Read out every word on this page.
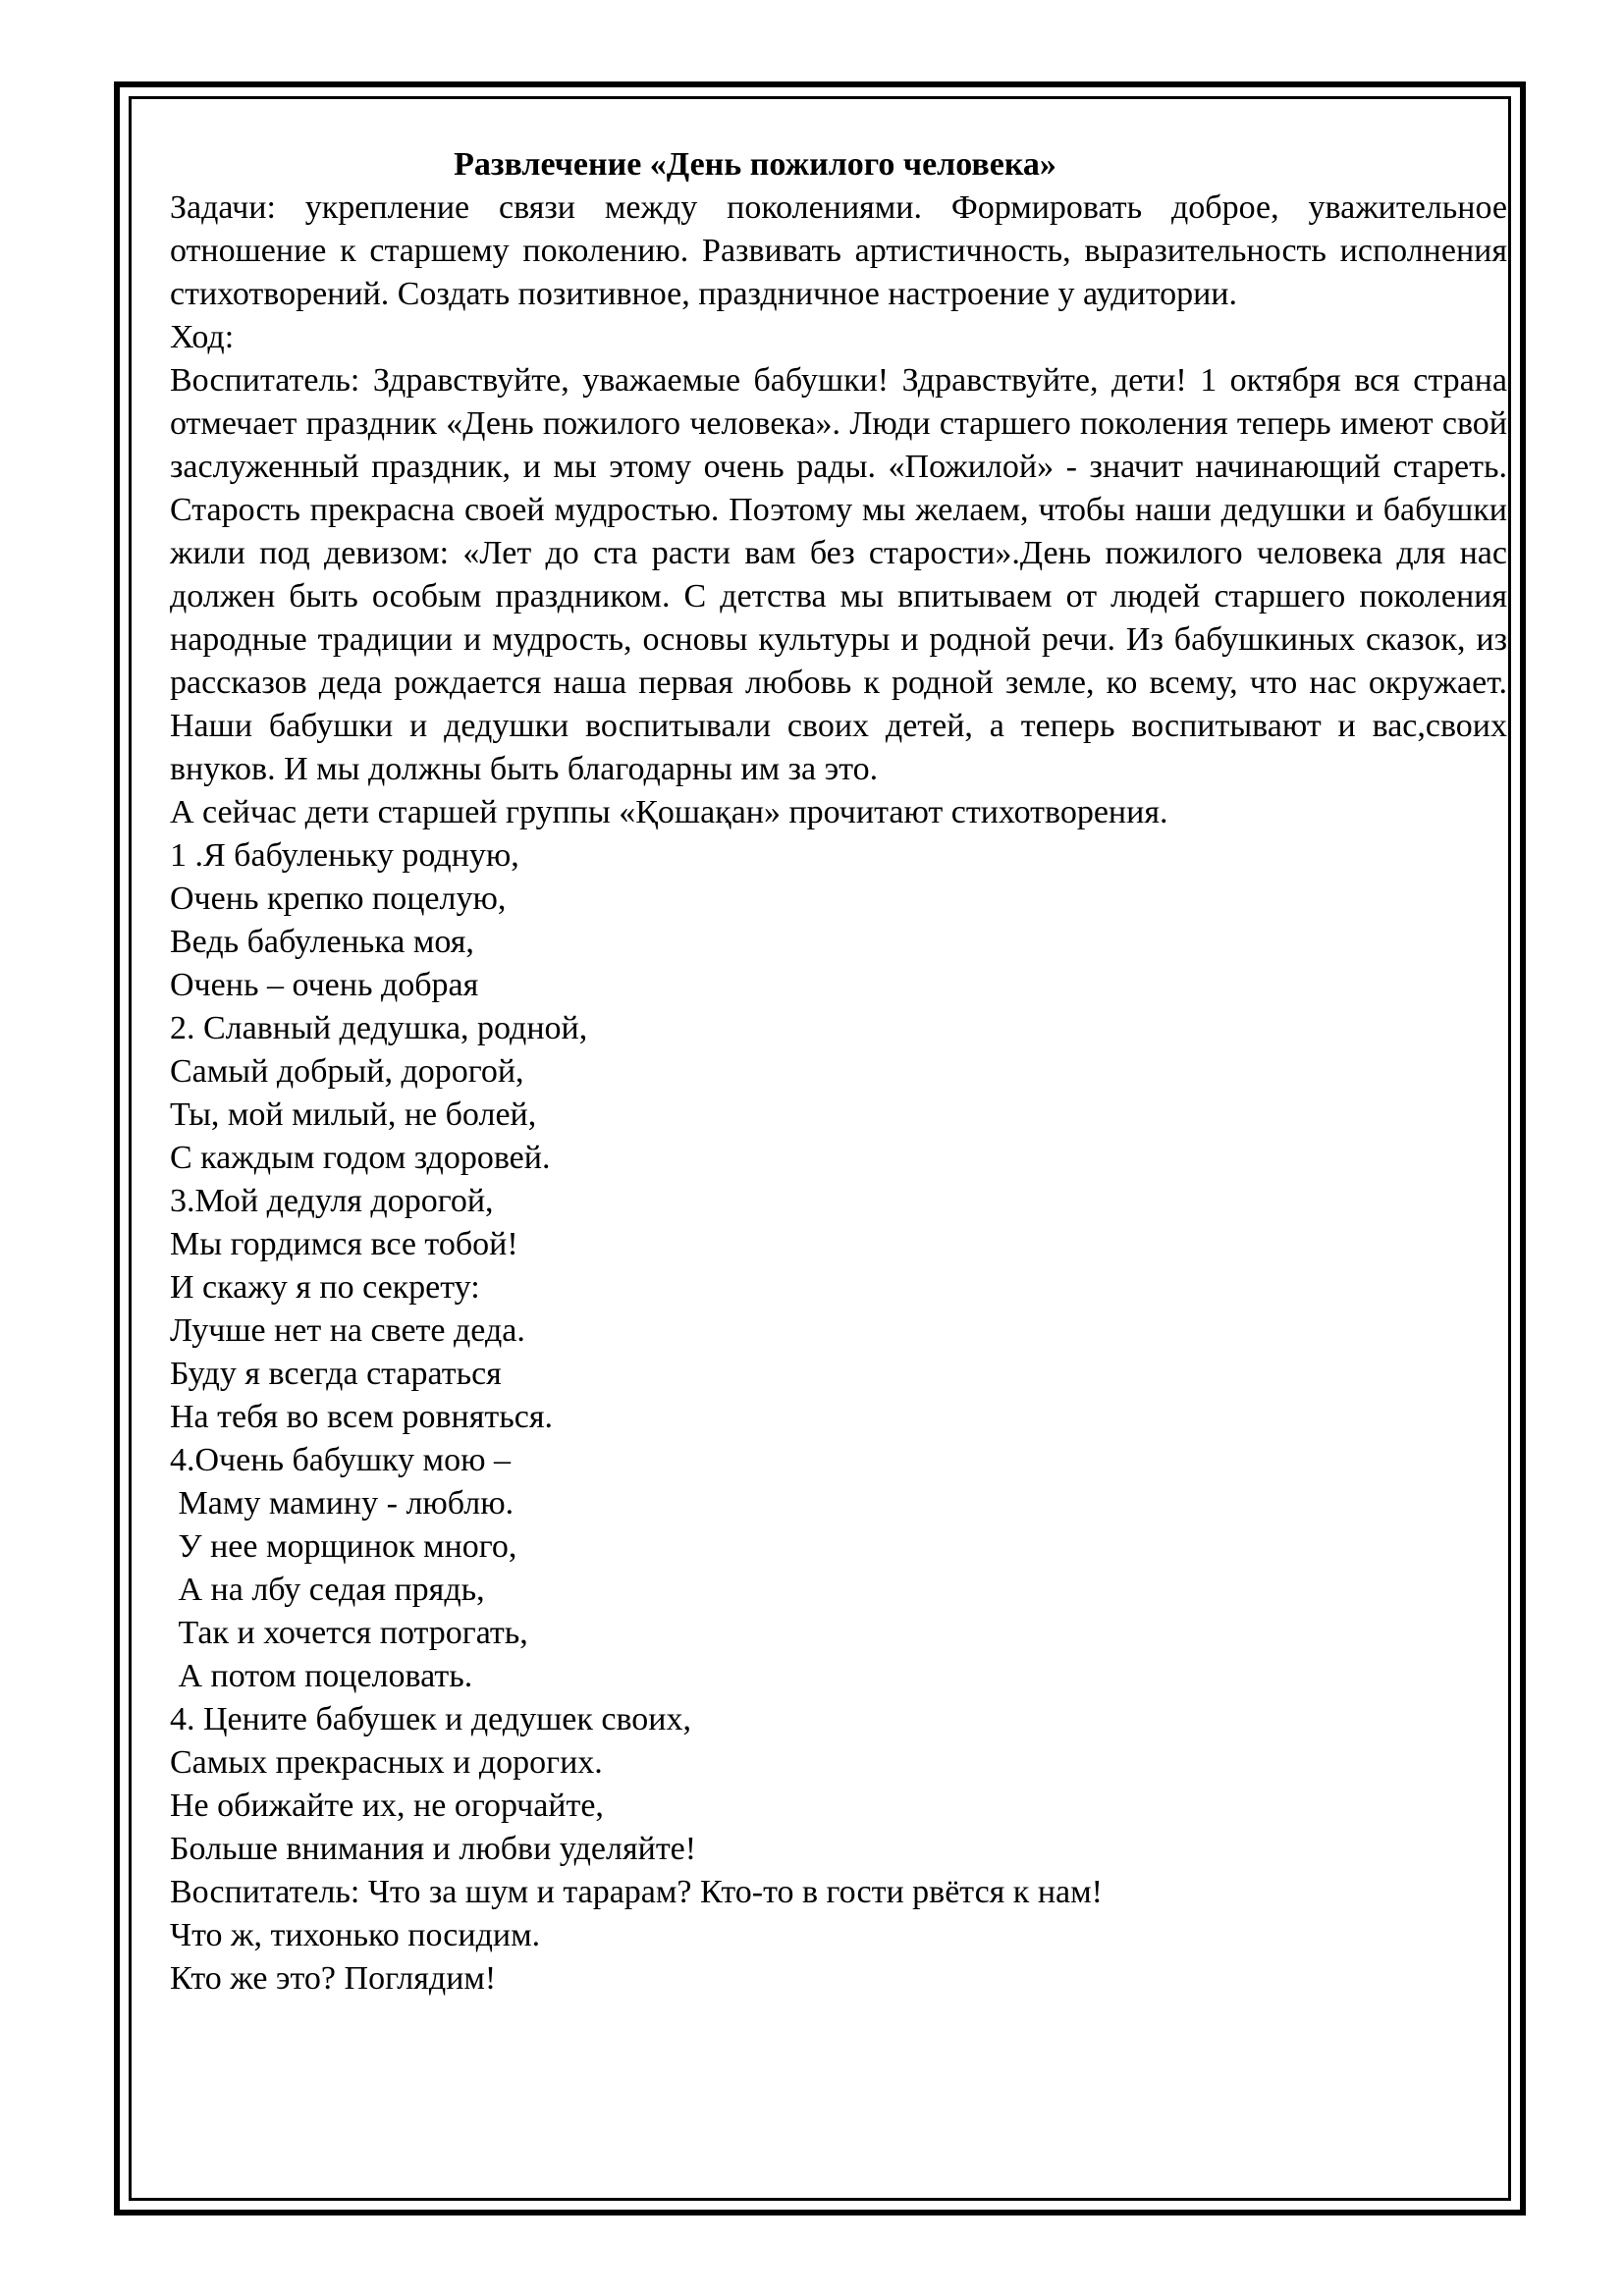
Развлечение «День пожилого человека»
Задачи: укрепление связи между поколениями. Формировать доброе, уважительное отношение к старшему поколению. Развивать артистичность, выразительность исполнения стихотворений. Создать позитивное, праздничное настроение у аудитории.
Ход:
Воспитатель: Здравствуйте, уважаемые бабушки! Здравствуйте, дети! 1 октября вся страна отмечает праздник «День пожилого человека». Люди старшего поколения теперь имеют свой заслуженный праздник, и мы этому очень рады. «Пожилой» - значит начинающий стареть. Старость прекрасна своей мудростью. Поэтому мы желаем, чтобы наши дедушки и бабушки жили под девизом: «Лет до ста расти вам без старости».День пожилого человека для нас должен быть особым праздником. С детства мы впитываем от людей старшего поколения народные традиции и мудрость, основы культуры и родной речи. Из бабушкиных сказок, из рассказов деда рождается наша первая любовь к родной земле, ко всему, что нас окружает. Наши бабушки и дедушки воспитывали своих детей, а теперь воспитывают и вас,своих внуков. И мы должны быть благодарны им за это.
А сейчас дети старшей группы «Қошақан» прочитают стихотворения.
1 .Я бабуленьку родную,
Очень крепко поцелую,
Ведь бабуленька моя,
Очень – очень добрая
2. Славный дедушка, родной,
Самый добрый, дорогой,
Ты, мой милый, не болей,
С каждым годом здоровей.
3.Мой дедуля дорогой,
Мы гордимся все тобой!
И скажу я по секрету:
Лучше нет на свете деда.
Буду я всегда стараться
На тебя во всем ровняться.
4.Очень бабушку мою –
Маму мамину - люблю.
У нее морщинок много,
А на лбу седая прядь,
Так и хочется потрогать,
А потом поцеловать.
4. Цените бабушек и дедушек своих,
Самых прекрасных и дорогих.
Не обижайте их, не огорчайте,
Больше внимания и любви уделяйте!
Воспитатель: Что за шум и тарарам? Кто-то в гости рвётся к нам!
Что ж, тихонько посидим.
Кто же это? Поглядим!
